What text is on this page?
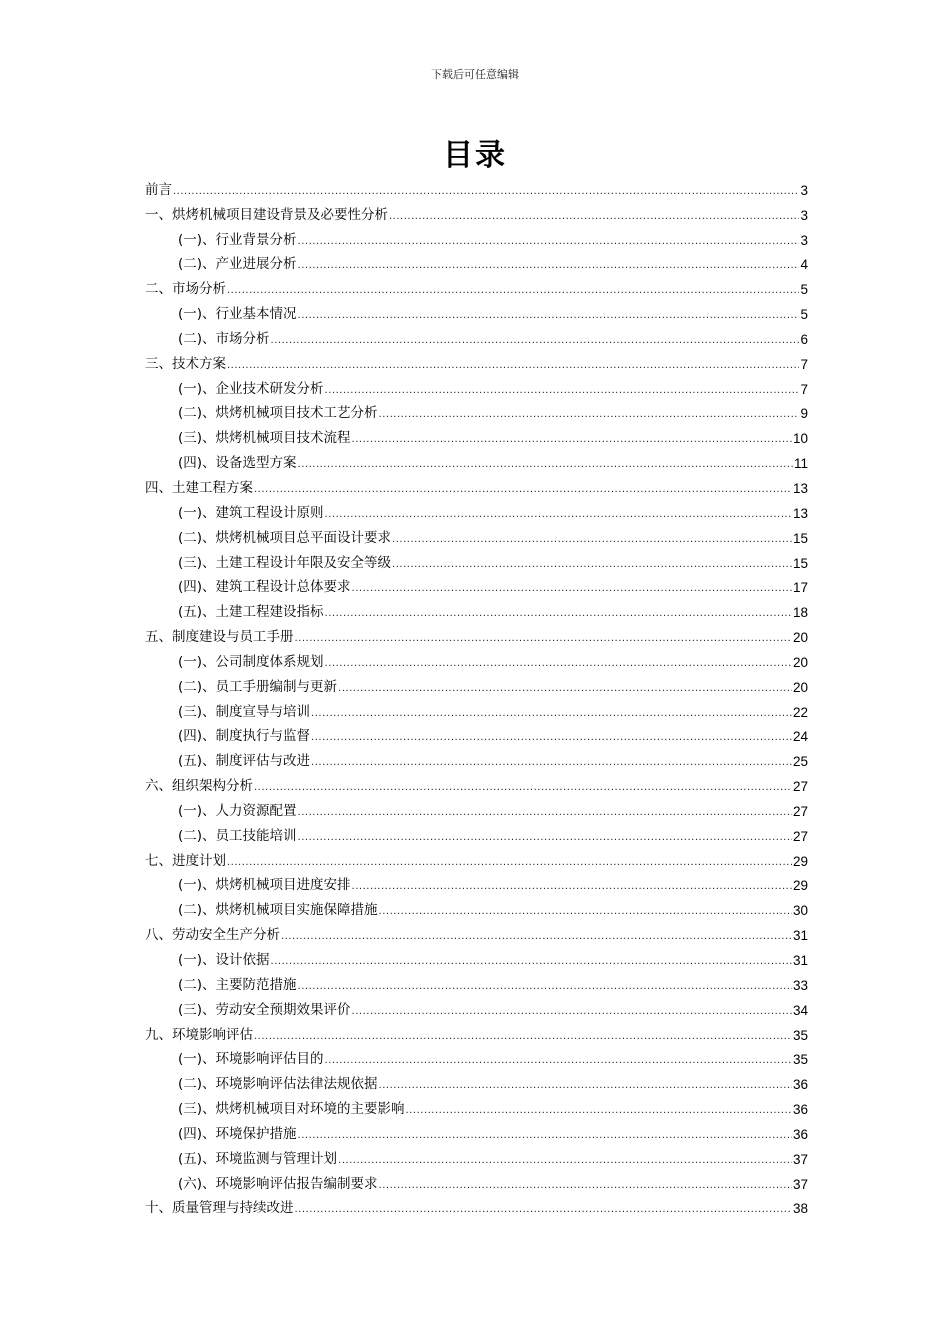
下载后可任意编辑
目录
前言 .....	3
一、烘烤机械项目建设背景及必要性分析 .....	3
(一)、行业背景分析 .....	3
(二)、产业进展分析 .....	4
二、市场分析 .....	5
(一)、行业基本情况 .....	5
(二)、市场分析 .....	6
三、技术方案 .....	7
(一)、企业技术研发分析 .....	7
(二)、烘烤机械项目技术工艺分析 .....	9
(三)、烘烤机械项目技术流程 .....	10
(四)、设备选型方案 .....	11
四、土建工程方案 .....	13
(一)、建筑工程设计原则 .....	13
(二)、烘烤机械项目总平面设计要求 .....	15
(三)、土建工程设计年限及安全等级 .....	15
(四)、建筑工程设计总体要求 .....	17
(五)、土建工程建设指标 .....	18
五、制度建设与员工手册 .....	20
(一)、公司制度体系规划 .....	20
(二)、员工手册编制与更新 .....	20
(三)、制度宣导与培训 .....	22
(四)、制度执行与监督 .....	24
(五)、制度评估与改进 .....	25
六、组织架构分析 .....	27
(一)、人力资源配置 .....	27
(二)、员工技能培训 .....	27
七、进度计划 .....	29
(一)、烘烤机械项目进度安排 .....	29
(二)、烘烤机械项目实施保障措施 .....	30
八、劳动安全生产分析 .....	31
(一)、设计依据 .....	31
(二)、主要防范措施 .....	33
(三)、劳动安全预期效果评价 .....	34
九、环境影响评估 .....	35
(一)、环境影响评估目的 .....	35
(二)、环境影响评估法律法规依据 .....	36
(三)、烘烤机械项目对环境的主要影响 .....	36
(四)、环境保护措施 .....	36
(五)、环境监测与管理计划 .....	37
(六)、环境影响评估报告编制要求 .....	37
十、质量管理与持续改进 .....	38
